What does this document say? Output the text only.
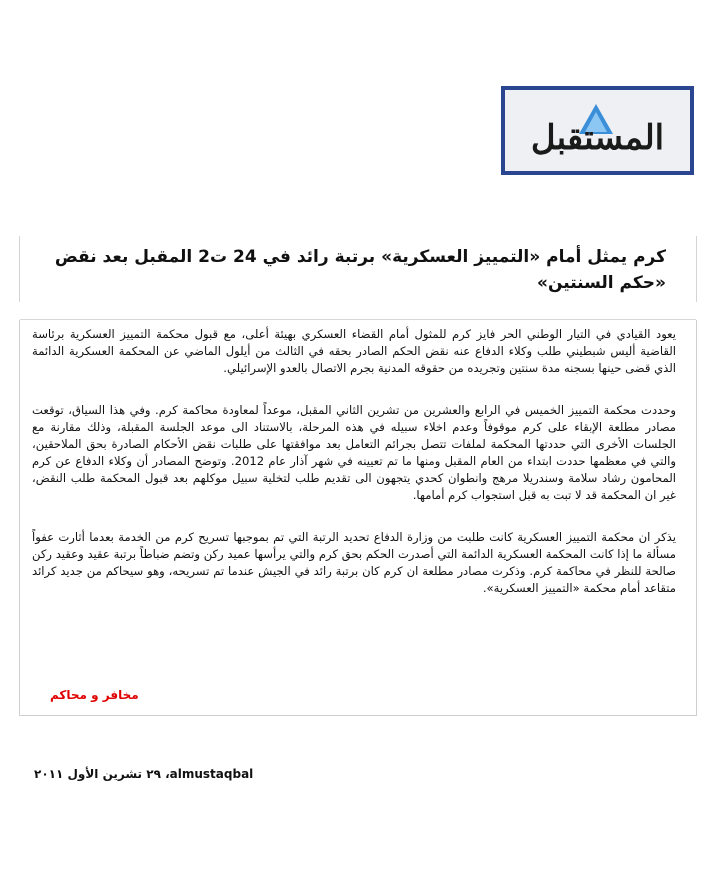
المستقبل
كرم يمثل أمام «التمييز العسكرية» برتبة رائد في 24 ت2 المقبل بعد نقض «حكم السنتين»

يعود القيادي في التيار الوطني الحر فايز كرم للمثول أمام القضاء العسكري بهيئة أعلى، مع قبول محكمة التمييز العسكرية برئاسة القاضية أليس شبطيني طلب وكلاء الدفاع عنه نقض الحكم الصادر بحقه في الثالث من أيلول الماضي عن المحكمة العسكرية الدائمة الذي قضى حينها بسجنه مدة سنتين وتجريده من حقوقه المدنية بجرم الاتصال بالعدو الإسرائيلي.

وحددت محكمة التمييز الخميس في الرابع والعشرين من تشرين الثاني المقبل، موعداً لمعاودة محاكمة كرم. وفي هذا السياق، توقعت مصادر مطلعة الإبقاء على كرم موقوفاً وعدم اخلاء سبيله في هذه المرحلة، بالاستناد الى موعد الجلسة المقبلة، وذلك مقارنة مع الجلسات الأخرى التي حددتها المحكمة لملفات تتصل بجرائم التعامل بعد موافقتها على طلبات نقض الأحكام الصادرة بحق الملاحقين، والتي في معظمها حددت ابتداء من العام المقبل ومنها ما تم تعيينه في شهر آذار عام 2012. وتوضح المصادر أن وكلاء الدفاع عن كرم المحامون رشاد سلامة وسندريلا مرهج وانطوان كحدي يتجهون الى تقديم طلب لتخلية سبيل موكلهم بعد قبول المحكمة طلب النقض، غير ان المحكمة قد لا تبت به قبل استجواب كرم أمامها.

يذكر ان محكمة التمييز العسكرية كانت طلبت من وزارة الدفاع تحديد الرتبة التي تم بموجبها تسريح كرم من الخدمة بعدما أثارت عفواً مسألة ما إذا كانت المحكمة العسكرية الدائمة التي أصدرت الحكم بحق كرم والتي يرأسها عميد ركن وتضم ضباطاً برتبة عقيد وعقيد ركن صالحة للنظر في محاكمة كرم. وذكرت مصادر مطلعة ان كرم كان برتبة رائد في الجيش عندما تم تسريحه، وهو سيحاكم من جديد كرائد متقاعد أمام محكمة «التمييز العسكرية».

مخافر و محاكم
almustaqbal، ٢٩ تشرين الأول ٢٠١١
